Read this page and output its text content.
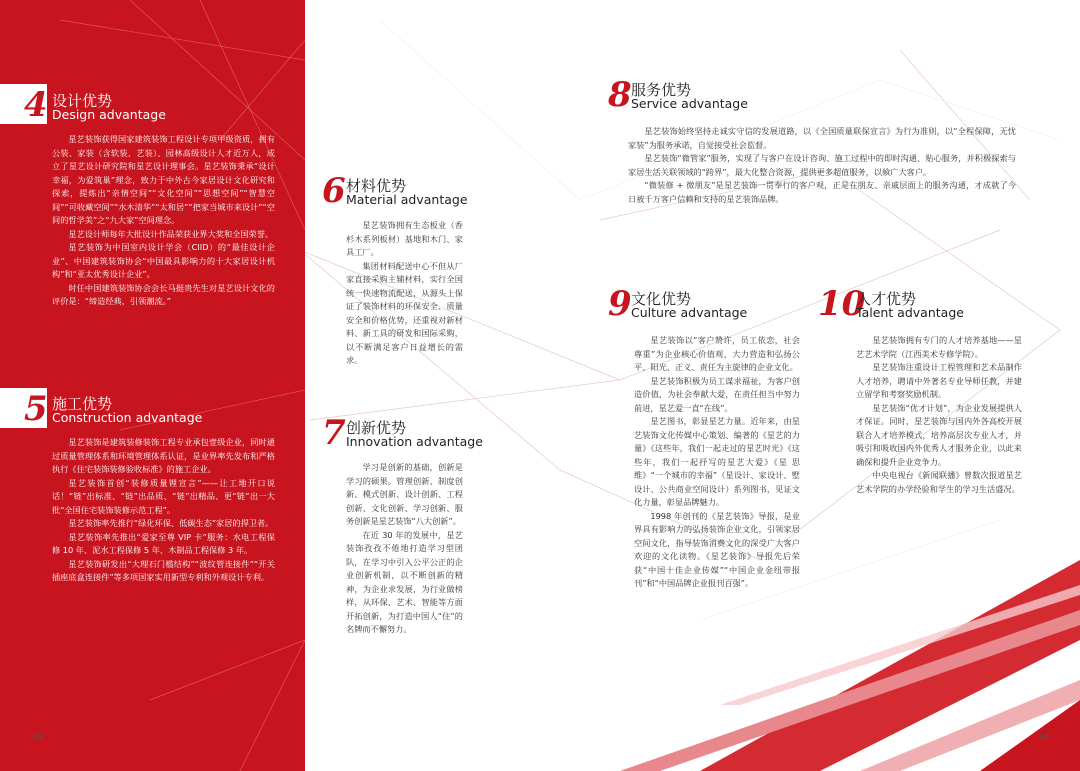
4 设计优势
Design advantage

星艺装饰获得国家建筑装饰工程设计专项甲级资质，拥有公装、家装（含软装、艺装）、园林高级设计人才近万人，成立了星艺设计研究院和星艺设计理事会。星艺装饰秉承“设计幸福，为爱筑巢”理念，致力于中外古今家居设计文化研究和探索，提炼出“亲情空间”“文化空间”“思想空间”“智慧空间”“可收藏空间”“水木清华”“太和居”“把家当城市来设计”“空间的哲学美”之“九大家”空间理念。

星艺设计师每年大批设计作品荣获业界大奖和全国荣誉。

星艺装饰为中国室内设计学会（CIID）的“最佳设计企业”、中国建筑装饰协会“中国最具影响力的十大家居设计机构”和“亚太优秀设计企业”。

时任中国建筑装饰协会会长马挺贵先生对星艺设计文化的评价是：“缔造经典，引领潮流。”

5 施工优势
Construction advantage

星艺装饰是建筑装修装饰工程专业承包壹级企业，同时通过质量管理体系和环境管理体系认证，是业界率先发布和严格执行《住宅装饰装修验收标准》的施工企业。

星艺装饰首创“装修质量锂宣言”——让工地开口说话！“链”出标准、“链”出品质、“链”出精品、更“链”出一大批“全国住宅装饰装修示范工程”。

星艺装饰率先推行“绿化环保、低碳生态”家居的捍卫者。

星艺装饰率先推出“爱家至尊 VIP 卡”服务：水电工程保修 10 年、泥水工程保修 5 年、木制品工程保修 3 年。

星艺装饰研发出“大理石门槛结构”“波纹管连接件”“开关插座底盒连接件”等多项国家实用新型专利和外观设计专利。

6 材料优势
Material advantage

星艺装饰拥有生态板业（香杉木系列板材）基地和木门、家具工厂。

集团材料配送中心不但从厂家直接采购主辅材料，实行全国统一快速物流配送，从源头上保证了装饰材料的环保安全、质量安全和价格优势，还重视对新材料、新工具的研发和国际采购，以不断满足客户日益增长的需求。

7 创新优势
Innovation advantage

学习是创新的基础，创新是学习的硕果。管理创新、制度创新、模式创新、设计创新、工程创新、文化创新、学习创新、服务创新是星艺装饰“八大创新”。

在近 30 年的发展中，星艺装饰孜孜不倦地打造学习型团队，在学习中引入公平公正的企业创新机制，以不断创新的精神，为企业求发展，为行业做榜样，从环保、艺术、智能等方面开拓创新，为打造中国人“住”的名牌而不懈努力。

8 服务优势
Service advantage

星艺装饰始终坚持走诚实守信的发展道路，以《全国质量联保宣言》为行为准则，以“全程保障，无忧家装”为服务承诺，自觉接受社会监督。

星艺装饰“微管家”服务，实现了与客户在设计咨询、施工过程中的即时沟通、贴心服务，并积极探索与家居生活关联领域的“跨界”，最大化整合资源，提供更多超值服务，以飨广大客户。

“微装修 + 微朋友”是星艺装饰一贯奉行的客户观，正是在朋友、亲戚层面上的服务沟通，才成就了今日被千万客户信赖和支持的星艺装饰品牌。

9 文化优势
Culture advantage

星艺装饰以“客户赞许，员工依恋，社会尊重”为企业核心价值观，大力营造和弘扬公平、阳光、正义、责任为主旋律的企业文化。

星艺装饰积极为员工谋求福祉，为客户创造价值，为社会奉献大爱，在责任担当中努力前进，星艺爱一直“在线”。

星艺图书，彰显星艺力量。近年来，由星艺装饰文化传媒中心策划、编著的《星艺的力量》《这些年，我们一起走过的星艺时光》《这些年，我们一起抒写的星艺大爱》《星 思维》“一个城市的幸福”（星设计、家设计、墅设计、公共商业空间设计）系列图书，见证文化力量，彰显品牌魅力。

1998 年创刊的《星艺装饰》导报，是业界具有影响力的弘扬装饰企业文化，引领家居空间文化，指导装饰消费文化的深受广大客户欢迎的文化读物。《星艺装饰》导报先后荣获“中国十佳企业传媒”“中国企业金纽带报刊”和“中国品牌企业报刊百强”。

10
人才优势
Talent advantage

星艺装饰拥有专门的人才培养基地——星艺艺术学院（江西美术专修学院）。

星艺装饰注重设计工程管理和艺术品制作人才培养，聘请中外著名专业导师任教，并建立留学和考察奖励机制。

星艺装饰“优才计划”，为企业发展提供人才保证。同时，星艺装饰与国内外各高校开展联合人才培养模式，培养高层次专业人才，并吸引和吸收国内外优秀人才服务企业，以此来确保和提升企业竞争力。

中央电视台《新闻联播》曾数次报道星艺艺术学院的办学经验和学生的学习生活盛况。

38	39
